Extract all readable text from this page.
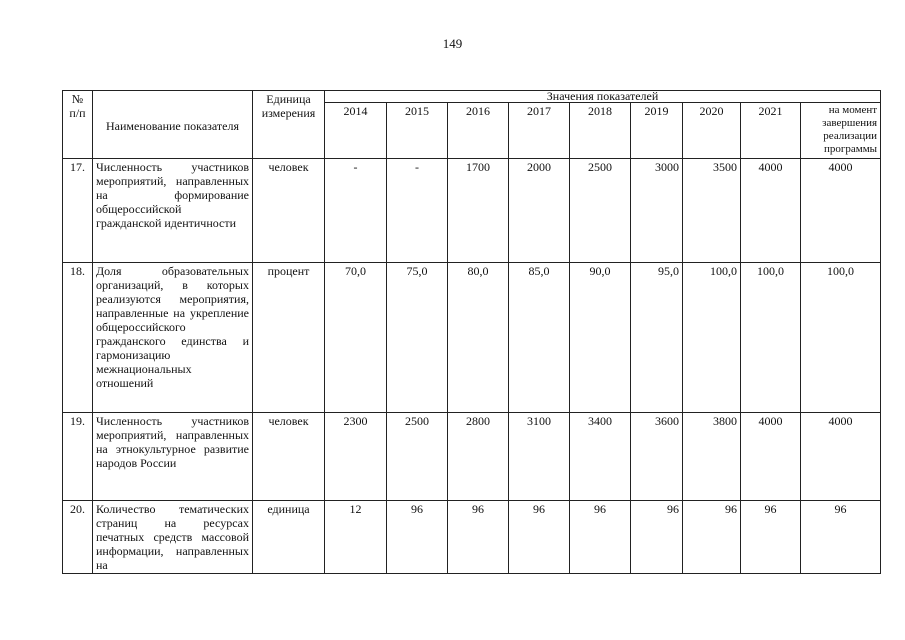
149
№ п/п	Наименование показателя	Единица измерения	Значения показателей								
			2014	2015	2016	2017	2018	2019	2020	2021	на момент завершения реализации программы
17.	Численность участников мероприятий, направленных на формирование общероссийской гражданской идентичности	человек	-	-	1700	2000	2500	3000	3500	4000	4000
18.	Доля образовательных организаций, в которых реализуются мероприятия, направленные на укрепление общероссийского гражданского единства и гармонизацию межнациональных отношений	процент	70,0	75,0	80,0	85,0	90,0	95,0	100,0	100,0	100,0
19.	Численность участников мероприятий, направленных на этнокультурное развитие народов России	человек	2300	2500	2800	3100	3400	3600	3800	4000	4000
20.	Количество тематических страниц на ресурсах печатных средств массовой информации, направленных на	единица	12	96	96	96	96	96	96	96	96
